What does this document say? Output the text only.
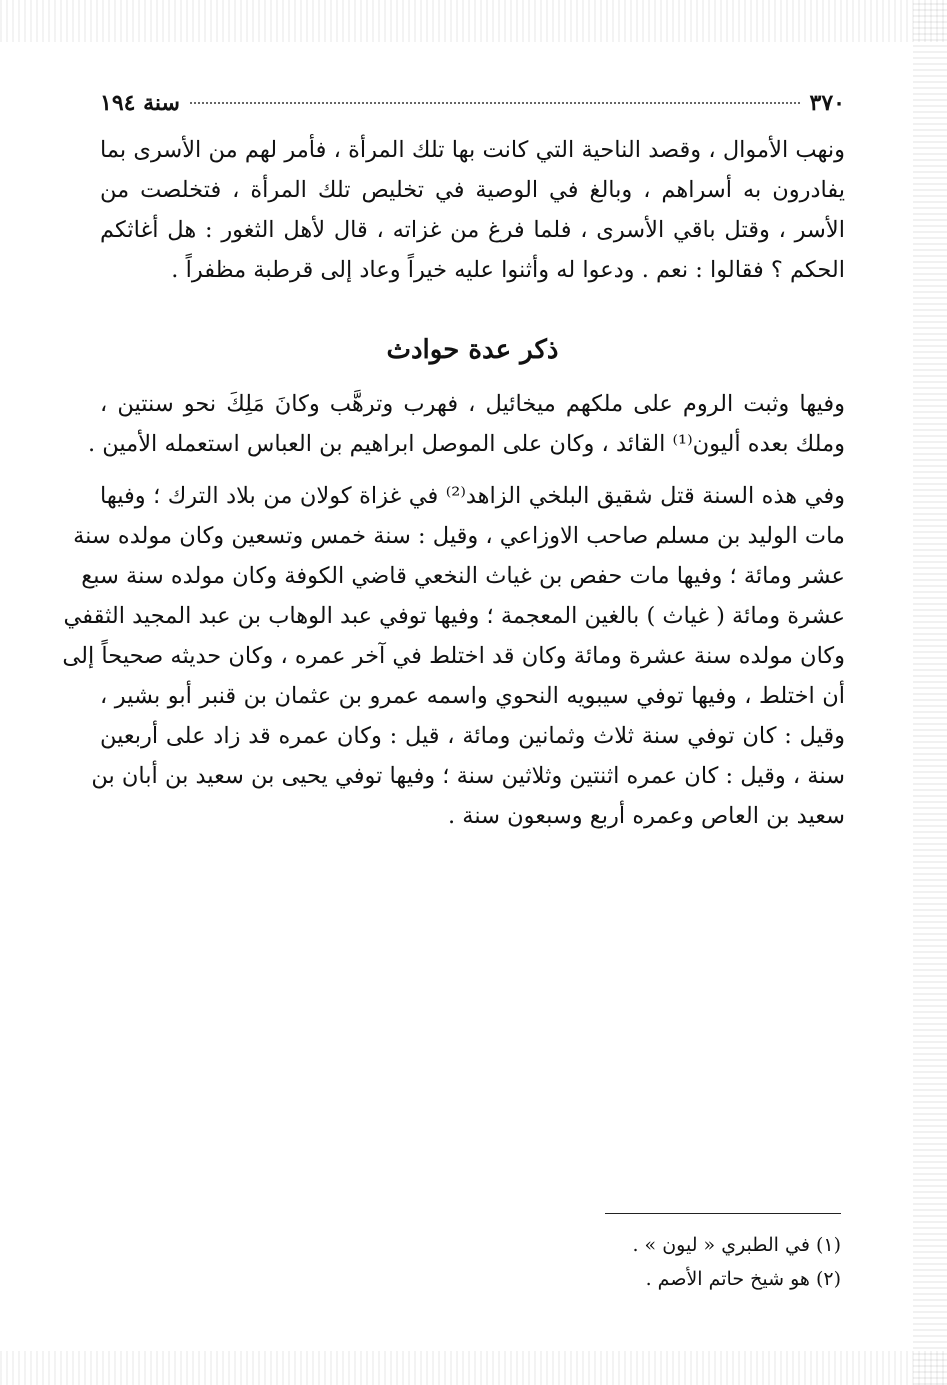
٣٧٠
سنة ١٩٤
ونهب الأموال ، وقصد الناحية التي كانت بها تلك المرأة ، فأمر لهم من الأسرى بما
يفادرون به أسراهم ، وبالغ في الوصية في تخليص تلك المرأة ، فتخلصت من
الأسر ، وقتل باقي الأسرى ، فلما فرغ من غزاته ، قال لأهل الثغور : هل أغاثكم
الحكم ؟ فقالوا : نعم . ودعوا له وأثنوا عليه خيراً وعاد إلى قرطبة مظفراً .
ذكر عدة حوادث
وفيها وثبت الروم على ملكهم ميخائيل ، فهرب وترهَّب وكانَ مَلِكَ نحو سنتين ،
وملك بعده أليون⁽¹⁾ القائد ، وكان على الموصل ابراهيم بن العباس استعمله الأمين .
وفي هذه السنة قتل شقيق البلخي الزاهد⁽²⁾ في غزاة كولان من بلاد الترك ؛ وفيها
مات الوليد بن مسلم صاحب الاوزاعي ، وقيل : سنة خمس وتسعين وكان مولده سنة
عشر ومائة ؛ وفيها مات حفص بن غياث النخعي قاضي الكوفة وكان مولده سنة سبع
عشرة ومائة ( غياث ) بالغين المعجمة ؛ وفيها توفي عبد الوهاب بن عبد المجيد الثقفي
وكان مولده سنة عشرة ومائة وكان قد اختلط في آخر عمره ، وكان حديثه صحيحاً إلى
أن اختلط ، وفيها توفي سيبويه النحوي واسمه عمرو بن عثمان بن قنبر أبو بشير ،
وقيل : كان توفي سنة ثلاث وثمانين ومائة ، قيل : وكان عمره قد زاد على أربعين
سنة ، وقيل : كان عمره اثنتين وثلاثين سنة ؛ وفيها توفي يحيى بن سعيد بن أبان بن
سعيد بن العاص وعمره أربع وسبعون سنة .
(١) في الطبري « ليون » .
(٢) هو شيخ حاتم الأصم .
